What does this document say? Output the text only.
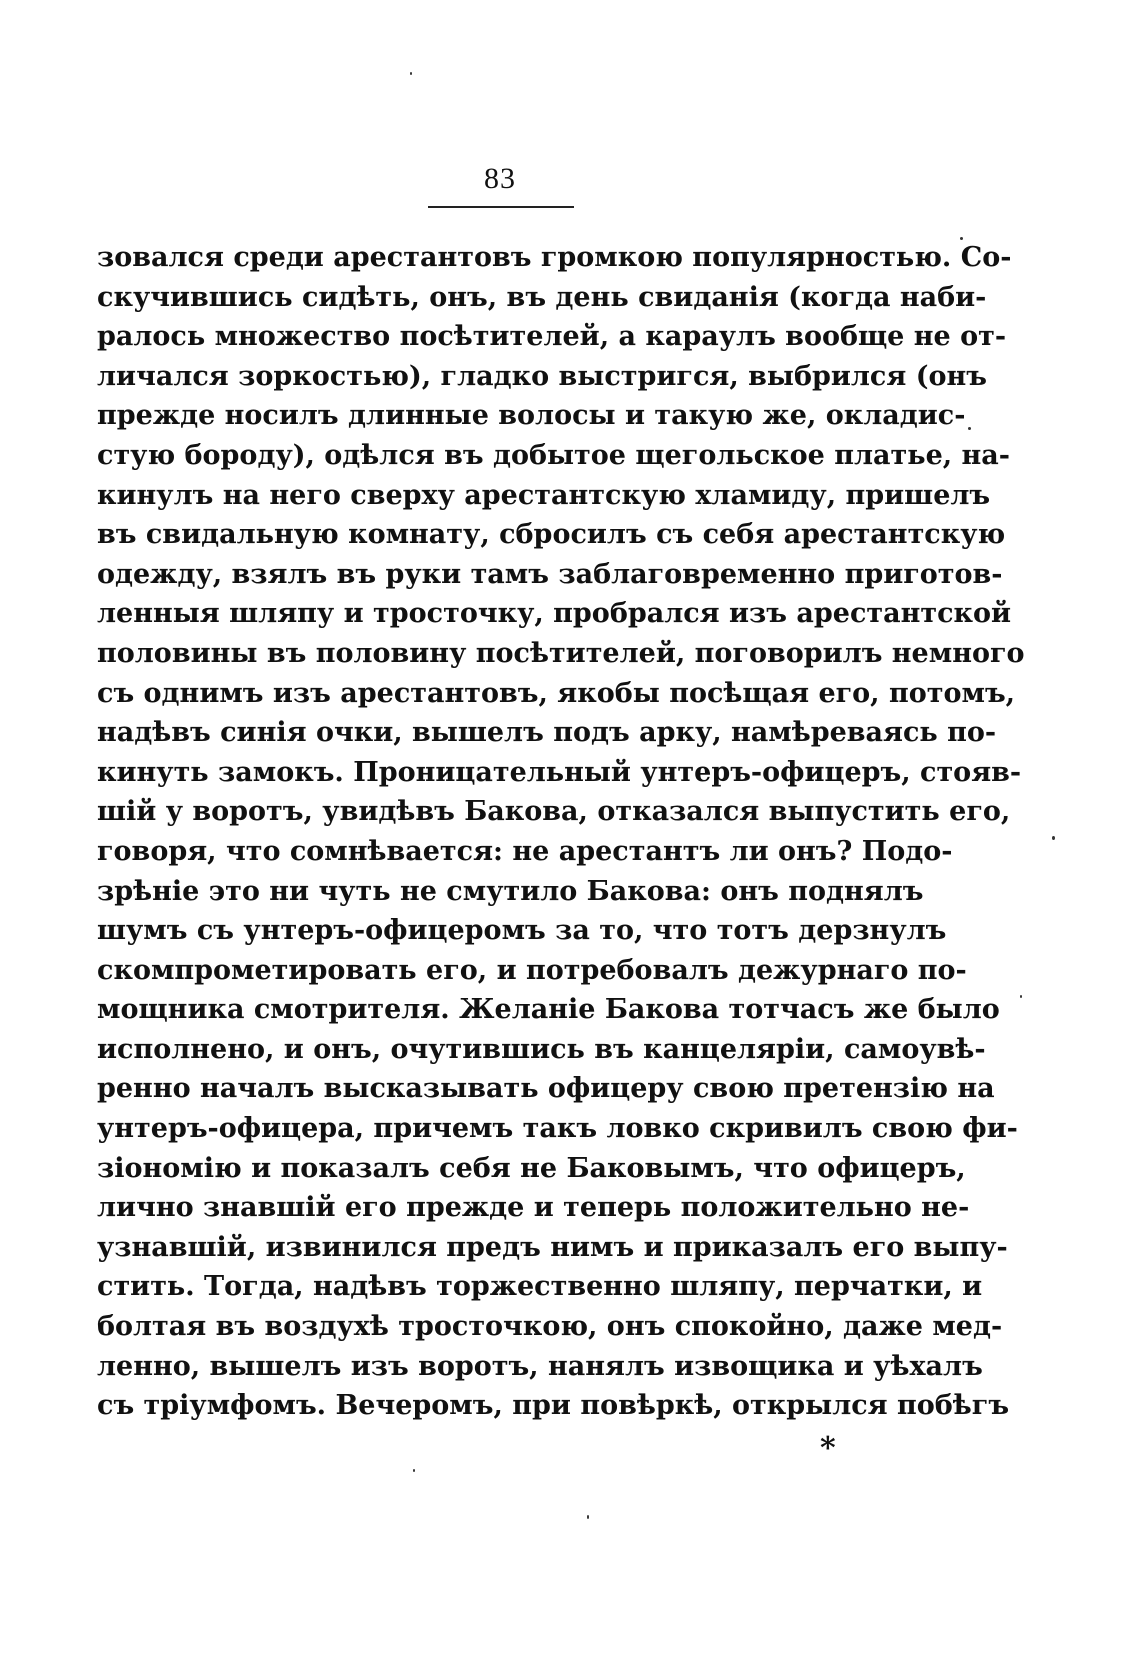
83
зовался среди арестантовъ громкою популярностью. Со-
скучившись сидѣть, онъ, въ день свиданія (когда наби-
ралось множество посѣтителей, а караулъ вообще не от-
личался зоркостью), гладко выстригся, выбрился (онъ
прежде носилъ длинные волосы и такую же, окладис-
стую бороду), одѣлся въ добытое щегольское платье, на-
кинулъ на него сверху арестантскую хламиду, пришелъ
въ свидальную комнату, сбросилъ съ себя арестантскую
одежду, взялъ въ руки тамъ заблаговременно приготов-
ленныя шляпу и тросточку, пробрался изъ арестантской
половины въ половину посѣтителей, поговорилъ немного
съ однимъ изъ арестантовъ, якобы посѣщая его, потомъ,
надѣвъ синія очки, вышелъ подъ арку, намѣреваясь по-
кинуть замокъ. Проницательный унтеръ-офицеръ, стояв-
шій у воротъ, увидѣвъ Бакова, отказался выпустить его,
говоря, что сомнѣвается: не арестантъ ли онъ? Подо-
зрѣніе это ни чуть не смутило Бакова: онъ поднялъ
шумъ съ унтеръ-офицеромъ за то, что тотъ дерзнулъ
скомпрометировать его, и потребовалъ дежурнаго по-
мощника смотрителя. Желаніе Бакова тотчасъ же было
исполнено, и онъ, очутившись въ канцеляріи, самоувѣ-
ренно началъ высказывать офицеру свою претензію на
унтеръ-офицера, причемъ такъ ловко скривилъ свою фи-
зіономію и показалъ себя не Баковымъ, что офицеръ,
лично знавшій его прежде и теперь положительно не-
узнавшій, извинился предъ нимъ и приказалъ его выпу-
стить. Тогда, надѣвъ торжественно шляпу, перчатки, и
болтая въ воздухѣ тросточкою, онъ спокойно, даже мед-
ленно, вышелъ изъ воротъ, нанялъ извощика и уѣхалъ
съ тріумфомъ. Вечеромъ, при повѣркѣ, открылся побѣгъ
*
